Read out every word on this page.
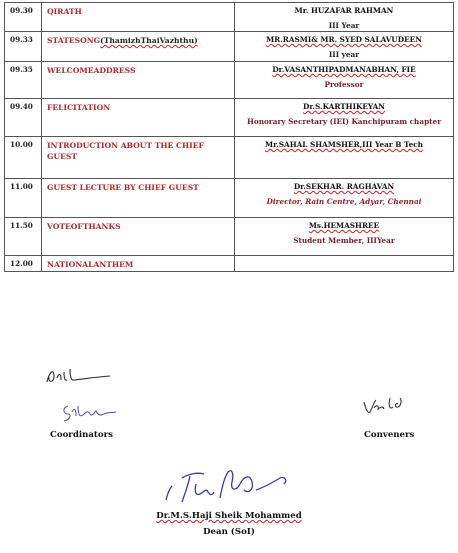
09.30	QIRATH	Mr. HUZAFAR RAHMAN
III Year

09.33	STATESONG(ThamizhThaiVazhthu)	MR.RASMI& MR. SYED SALAVUDEEN
III year

09.35	WELCOMEADDRESS	Dr.VASANTHIPADMANABHAN, FIE
Professor

09.40	FELICITATION	Dr.S.KARTHIKEYAN
Honorary Secretary (IEI) Kanchipuram chapter

10.00	INTRODUCTION ABOUT THE CHIEF GUEST	Mr.SAHAL SHAMSHER,III Year B Tech
11.00	GUEST LECTURE BY CHIEF GUEST	Dr.SEKHAR. RAGHAVAN
Director, Rain Centre, Adyar, Chennai

11.50	VOTEOFTHANKS	Ms.HEMASHREE
Student Member, IIIYear

12.00	NATIONALANTHEM	
Coordinators	Conveners
Dr.M.S.Haji Sheik Mohammed
Dean (SoI)
